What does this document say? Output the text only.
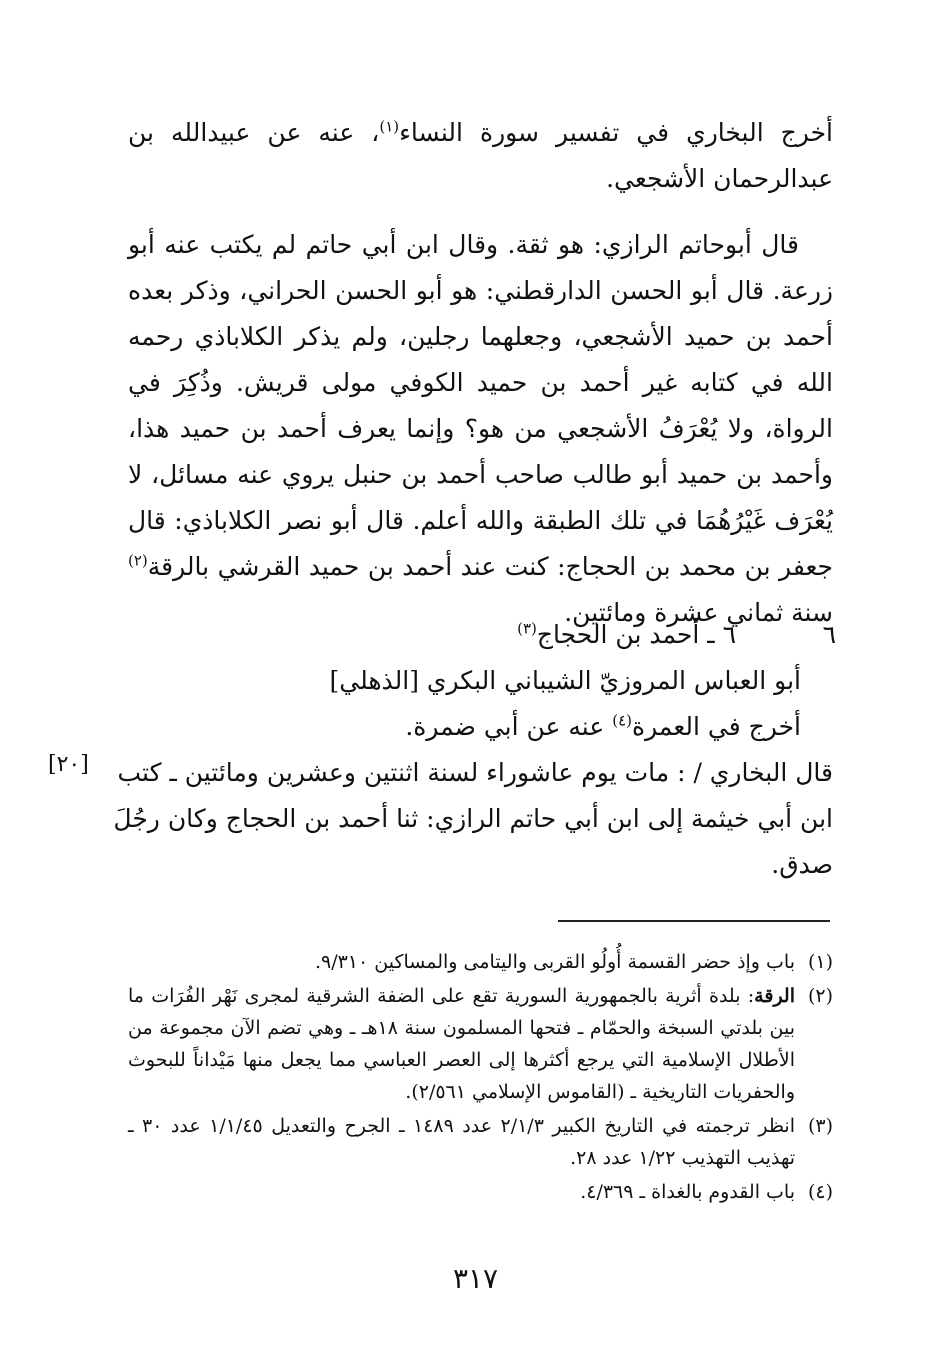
أخرج البخاري في تفسير سورة النساء$^{(١)}$، عنه عن عبيدالله بن عبدالرحمان الأشجعي.

قال أبوحاتم الرازي: هو ثقة. وقال ابن أبي حاتم لم يكتب عنه أبو زرعة. قال أبو الحسن الدارقطني: هو أبو الحسن الحراني، وذكر بعده أحمد بن حميد الأشجعي، وجعلهما رجلين، ولم يذكر الكلاباذي رحمه الله في كتابه غير أحمد بن حميد الكوفي مولى قريش. وذُكِرَ في الرواة، ولا يُعْرَفُ الأشجعي من هو؟ وإنما يعرف أحمد بن حميد هذا، وأحمد بن حميد أبو طالب صاحب أحمد بن حنبل يروي عنه مسائل، لا يُعْرَف غَيْرُهُمَا في تلك الطبقة والله أعلم. قال أبو نصر الكلاباذي: قال جعفر بن محمد بن الحجاج: كنت عند أحمد بن حميد القرشي بالرقة$^{(٢)}$ سنة ثماني عشرة ومائتين.

٦٦ ـ أحمد بن الحجاج$^{(٣)}$

أبو العباس المروزيّ الشيباني البكري [الذهلي]

أخرج في العمرة$^{(٤)}$ عنه عن أبي ضمرة.

قال البخاري / : مات يوم عاشوراء لسنة اثنتين وعشرين ومائتين ـ كتب

ابن أبي خيثمة إلى ابن أبي حاتم الرازي: ثنا أحمد بن الحجاج وكان رجُلَ

صدق.

[٢٠]

(١)
باب وإذ حضر القسمة أُولُو القربى واليتامى والمساكين ٩/٣١٠.

(٢)
الرقة: بلدة أثرية بالجمهورية السورية تقع على الضفة الشرقية لمجرى نَهْر الفُرَات ما بين بلدتي السبخة والحمّام ـ فتحها المسلمون سنة ١٨هـ ـ وهي تضم الآن مجموعة من الأطلال الإسلامية التي يرجع أكثرها إلى العصر العباسي مما يجعل منها مَيْداناً للبحوث والحفريات التاريخية ـ (القاموس الإسلامي ٢/٥٦١).

(٣)
انظر ترجمته في التاريخ الكبير ٢/١/٣ عدد ١٤٨٩ ـ الجرح والتعديل ١/١/٤٥ عدد ٣٠ ـ تهذيب التهذيب ١/٢٢ عدد ٢٨.

(٤)
باب القدوم بالغداة ـ ٤/٣٦٩.

٣١٧
